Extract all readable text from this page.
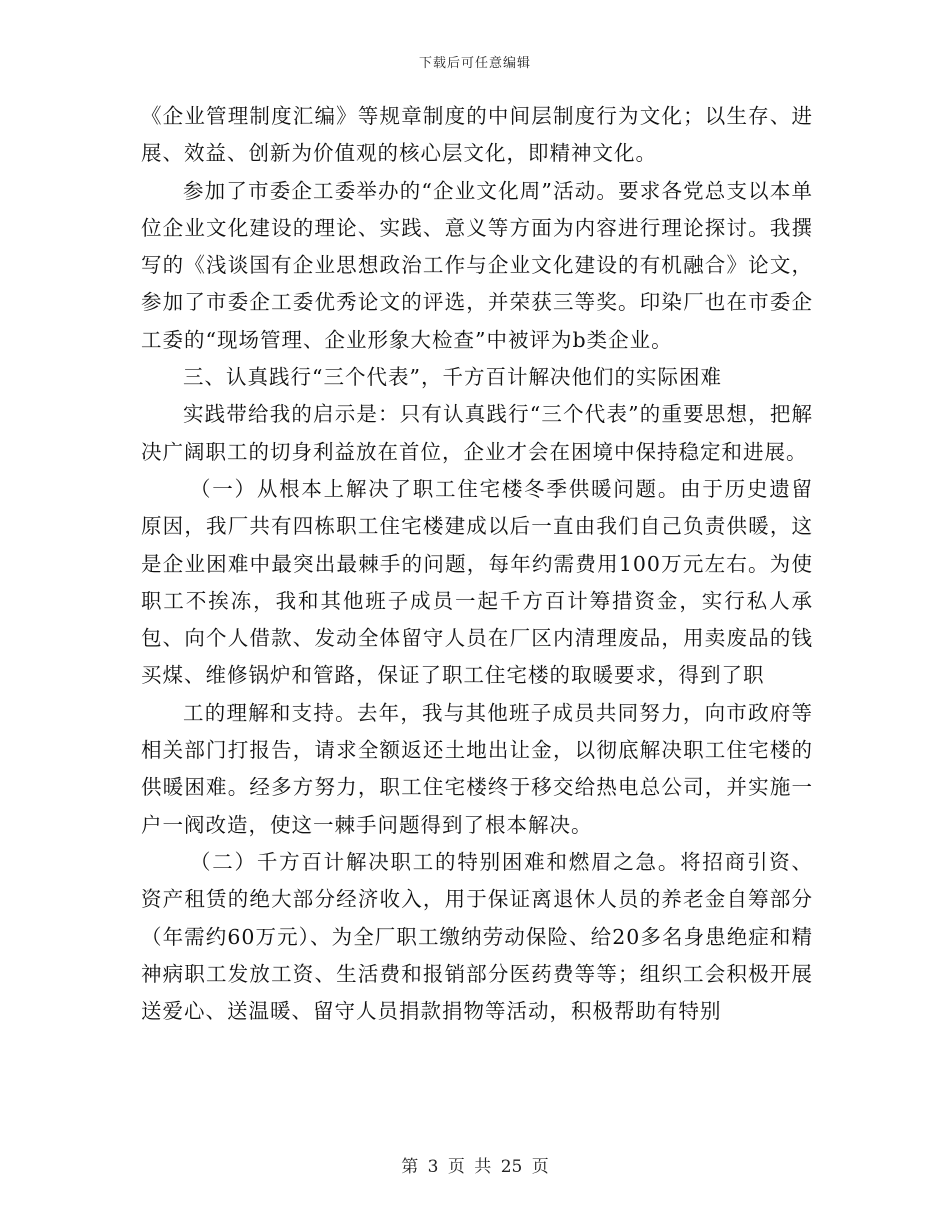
下载后可任意编辑

《企业管理制度汇编》等规章制度的中间层制度行为文化；以生存、进展、效益、创新为价值观的核心层文化，即精神文化。

参加了市委企工委举办的“企业文化周”活动。要求各党总支以本单位企业文化建设的理论、实践、意义等方面为内容进行理论探讨。我撰写的《浅谈国有企业思想政治工作与企业文化建设的有机融合》论文，参加了市委企工委优秀论文的评选，并荣获三等奖。印染厂也在市委企工委的“现场管理、企业形象大检查”中被评为b类企业。

三、认真践行“三个代表”，千方百计解决他们的实际困难

实践带给我的启示是：只有认真践行“三个代表”的重要思想，把解决广阔职工的切身利益放在首位，企业才会在困境中保持稳定和进展。

（一）从根本上解决了职工住宅楼冬季供暖问题。由于历史遗留原因，我厂共有四栋职工住宅楼建成以后一直由我们自己负责供暖，这是企业困难中最突出最棘手的问题，每年约需费用100万元左右。为使职工不挨冻，我和其他班子成员一起千方百计筹措资金，实行私人承包、向个人借款、发动全体留守人员在厂区内清理废品，用卖废品的钱买煤、维修锅炉和管路，保证了职工住宅楼的取暖要求，得到了职

工的理解和支持。去年，我与其他班子成员共同努力，向市政府等相关部门打报告，请求全额返还土地出让金，以彻底解决职工住宅楼的供暖困难。经多方努力，职工住宅楼终于移交给热电总公司，并实施一户一阀改造，使这一棘手问题得到了根本解决。

（二）千方百计解决职工的特别困难和燃眉之急。将招商引资、资产租赁的绝大部分经济收入，用于保证离退休人员的养老金自筹部分（年需约60万元）、为全厂职工缴纳劳动保险、给20多名身患绝症和精神病职工发放工资、生活费和报销部分医药费等等；组织工会积极开展送爱心、送温暖、留守人员捐款捐物等活动，积极帮助有特别

第 3 页 共 25 页
